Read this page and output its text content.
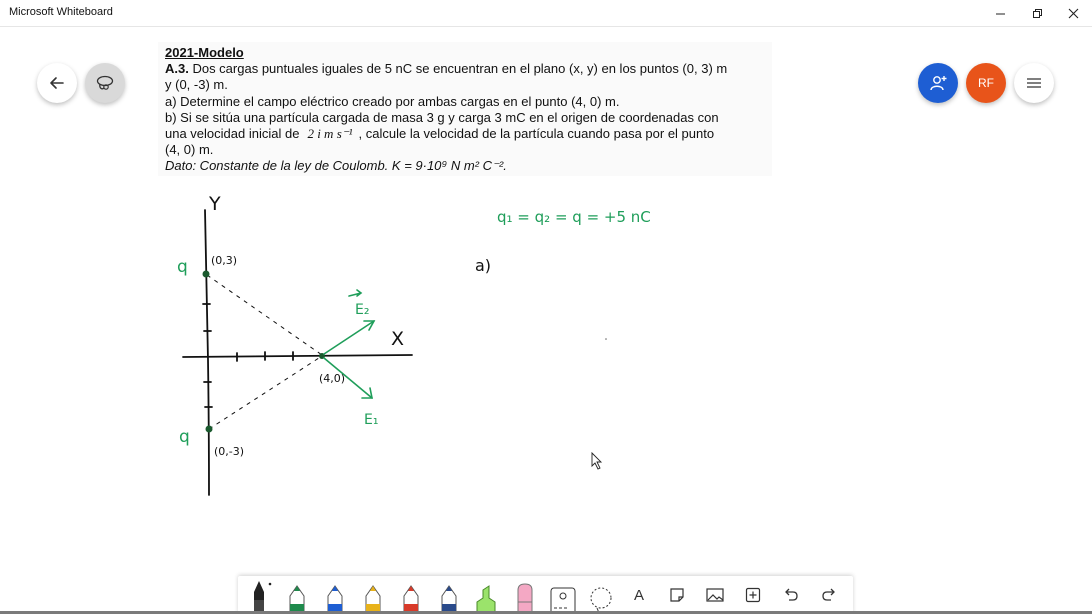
Microsoft Whiteboard
RF

2021-Modelo

A.3. Dos cargas puntuales iguales de 5 nC se encuentran en el plano (x, y) en los puntos (0, 3) m

y (0, -3) m.

a) Determine el campo eléctrico creado por ambas cargas en el punto (4, 0) m.

b) Si se sitúa una partícula cargada de masa 3 g y carga 3 mC en el origen de coordenadas con

una velocidad inicial de 2 i m s⁻¹ , calcule la velocidad de la partícula cuando pasa por el punto

(4, 0) m.

Dato: Constante de la ley de Coulomb. K = 9·10⁹ N m² C⁻².

Y
X
(0,3)
(0,-3)
(4,0)
a)
E₂
E₁
q
q
q₁ = q₂ = q = +5 nC
A
